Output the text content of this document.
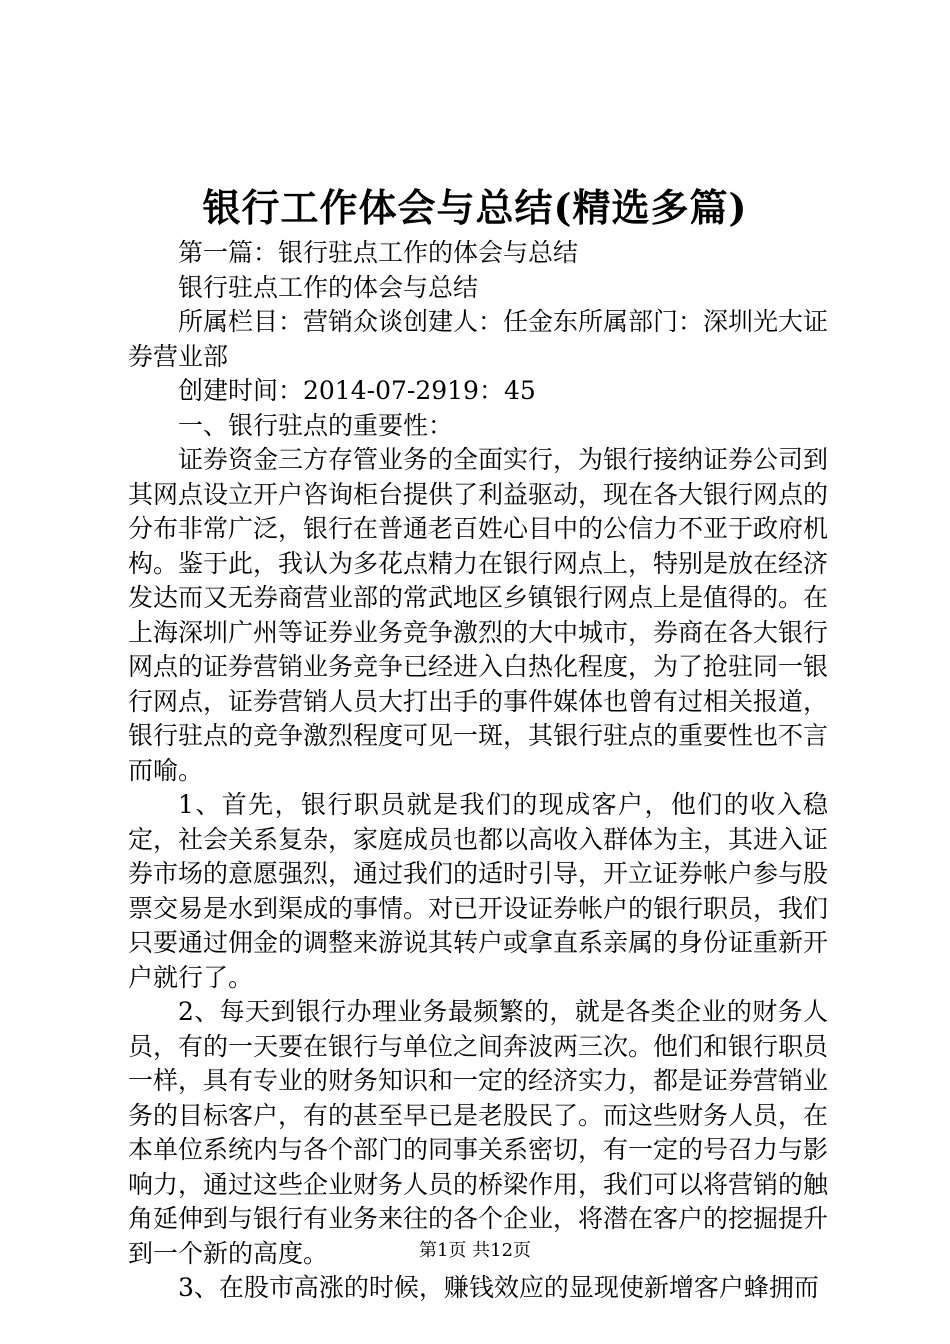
银行工作体会与总结(精选多篇)

第一篇：银行驻点工作的体会与总结

银行驻点工作的体会与总结

所属栏目：营销众谈创建人：任金东所属部门：深圳光大证券营业部

创建时间：2014-07-2919：45

一、银行驻点的重要性：

证券资金三方存管业务的全面实行，为银行接纳证券公司到其网点设立开户咨询柜台提供了利益驱动，现在各大银行网点的分布非常广泛，银行在普通老百姓心目中的公信力不亚于政府机构。鉴于此，我认为多花点精力在银行网点上，特别是放在经济发达而又无券商营业部的常武地区乡镇银行网点上是值得的。在上海深圳广州等证券业务竞争激烈的大中城市，券商在各大银行网点的证券营销业务竞争已经进入白热化程度，为了抢驻同一银行网点，证券营销人员大打出手的事件媒体也曾有过相关报道，银行驻点的竞争激烈程度可见一斑，其银行驻点的重要性也不言而喻。

1、首先，银行职员就是我们的现成客户，他们的收入稳定，社会关系复杂，家庭成员也都以高收入群体为主，其进入证券市场的意愿强烈，通过我们的适时引导，开立证券帐户参与股票交易是水到渠成的事情。对已开设证券帐户的银行职员，我们只要通过佣金的调整来游说其转户或拿直系亲属的身份证重新开户就行了。

2、每天到银行办理业务最频繁的，就是各类企业的财务人员，有的一天要在银行与单位之间奔波两三次。他们和银行职员一样，具有专业的财务知识和一定的经济实力，都是证券营销业务的目标客户，有的甚至早已是老股民了。而这些财务人员，在本单位系统内与各个部门的同事关系密切，有一定的号召力与影响力，通过这些企业财务人员的桥梁作用，我们可以将营销的触角延伸到与银行有业务来往的各个企业，将潜在客户的挖掘提升到一个新的高度。

3、在股市高涨的时候，赚钱效应的显现使新增客户蜂拥而

第1页 共12页
